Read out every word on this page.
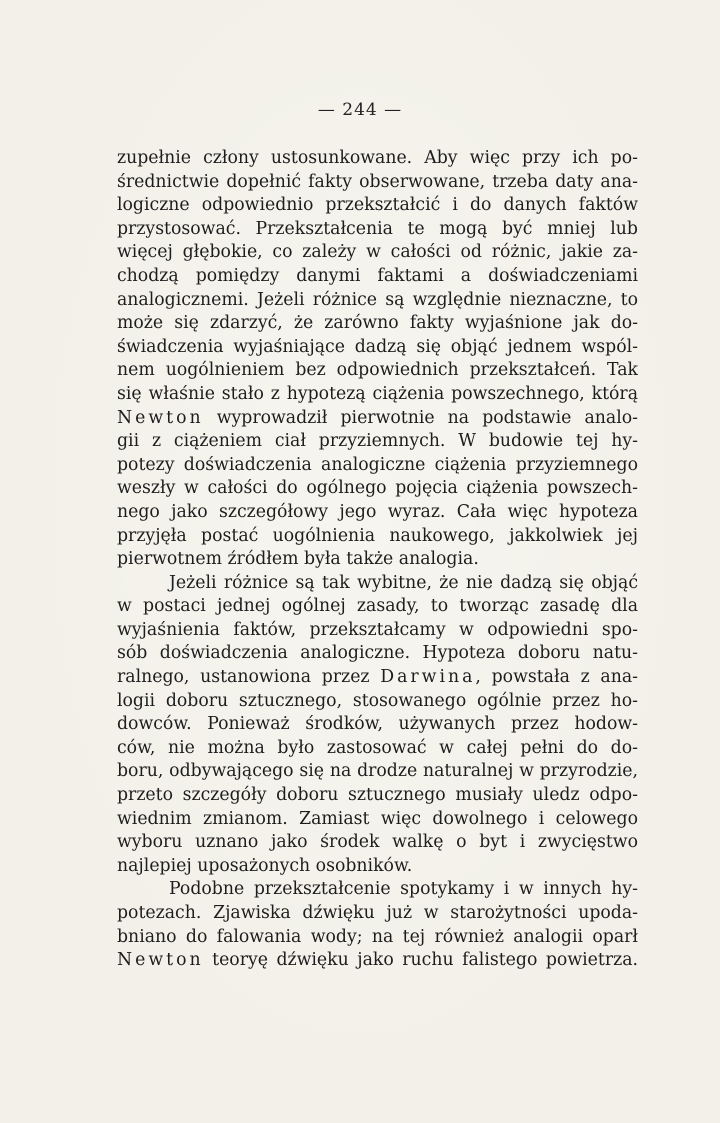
— 244 —
zupełnie człony ustosunkowane. Aby więc przy ich po-
średnictwie dopełnić fakty obserwowane, trzeba daty ana-
logiczne odpowiednio przekształcić i do danych faktów
przystosować. Przekształcenia te mogą być mniej lub
więcej głębokie, co zależy w całości od różnic, jakie za-
chodzą pomiędzy danymi faktami a doświadczeniami
analogicznemi. Jeżeli różnice są względnie nieznaczne, to
może się zdarzyć, że zarówno fakty wyjaśnione jak do-
świadczenia wyjaśniające dadzą się objąć jednem wspól-
nem uogólnieniem bez odpowiednich przekształceń. Tak
się właśnie stało z hypotezą ciążenia powszechnego, którą
Newton wyprowadził pierwotnie na podstawie analo-
gii z ciążeniem ciał przyziemnych. W budowie tej hy-
potezy doświadczenia analogiczne ciążenia przyziemnego
weszły w całości do ogólnego pojęcia ciążenia powszech-
nego jako szczegółowy jego wyraz. Cała więc hypoteza
przyjęła postać uogólnienia naukowego, jakkolwiek jej
pierwotnem źródłem była także analogia.
Jeżeli różnice są tak wybitne, że nie dadzą się objąć
w postaci jednej ogólnej zasady, to tworząc zasadę dla
wyjaśnienia faktów, przekształcamy w odpowiedni spo-
sób doświadczenia analogiczne. Hypoteza doboru natu-
ralnego, ustanowiona przez Darwina, powstała z ana-
logii doboru sztucznego, stosowanego ogólnie przez ho-
dowców. Ponieważ środków, używanych przez hodow-
ców, nie można było zastosować w całej pełni do do-
boru, odbywającego się na drodze naturalnej w przyrodzie,
przeto szczegóły doboru sztucznego musiały uledz odpo-
wiednim zmianom. Zamiast więc dowolnego i celowego
wyboru uznano jako środek walkę o byt i zwycięstwo
najlepiej uposażonych osobników.
Podobne przekształcenie spotykamy i w innych hy-
potezach. Zjawiska dźwięku już w starożytności upoda-
bniano do falowania wody; na tej również analogii oparł
Newton teoryę dźwięku jako ruchu falistego powietrza.
